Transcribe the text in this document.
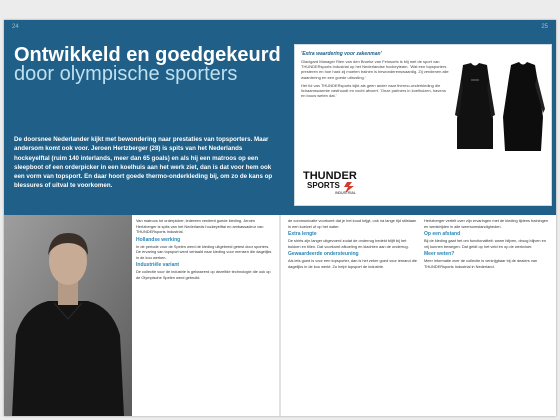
24	25
Ontwikkeld en goedgekeurd door olympische sporters

De doorsnee Nederlander kijkt met bewondering naar prestaties van topsporters. Maar andersom komt ook voor. Jeroen Hertzberger (28) is spits van het Nederlands hockeyelftal (ruim 140 interlands, meer dan 65 goals) en als hij een matroos op een sleepboot of een orderpicker in een koelhuis aan het werk ziet, dan is dat voor hem ook een vorm van topsport. En daar hoort goede thermo-onderkleding bij, om zo de kans op blessures of uitval te voorkomen.

'Extra waardering voor zakenman'

Glacigard Manager Rien van den Broeke van Feinsorts is blij met de sport van THUNDERsports Industrial op het Nederlandse hockeyteam. 'Wat een topsporters presteren en hoe hard zij moeten trainen is bewonderenswaardig. Zij verdienen alle waardering en een goede uitrusting.'

Het lid van THUNDERsports kijkt als geen ander naar thermo-onderkleding die lichaamswarmte vasthoudt en vocht afvoert. 'Onze partners in koelhuizen, havens en bouw weten dat.'

THUNDER
SPORTS
INDUSTRIAL

Van matroos tot orderpicker, iedereen verdient goede kleding. Jeroen Hertzberger is spits van het Nederlands hockeyelftal en ambassadeur van THUNDERsports Industrial.

Hollandse werking

In de periode voor de Spelen werd de kleding uitgebreid getest door sporters. De ervaring van topsport werd vertaald naar kleding voor mensen die dagelijks in de kou werken.

Industriële variant

De collectie voor de industrie is gebaseerd op dezelfde technologie die ook op de Olympische Spelen werd gebruikt.

de communicatie voorkomt dat je het koud krijgt, ook na lange tijd stilstaan in een koelcel of op het water.

Extra lengte

De shirts zijn langer uitgevoerd zodat de onderrug bedekt blijft bij het bukken en tillen. Dat voorkomt afkoeling en klachten aan de onderrug.

Gewaardeerde ondersteuning

Als iets goed is voor een topsporter, dan is het zeker goed voor iemand die dagelijks in de kou werkt. Zo helpt topsport de industrie.

Hertzberger vertelt over zijn ervaringen met de kleding tijdens trainingen en wedstrijden in alle weersomstandigheden.

Op een afstand

Bij de kleding gaat het om functionaliteit: warm blijven, droog blijven en vrij kunnen bewegen. Dat geldt op het veld én op de werkvloer.

Meer weten?

Meer informatie over de collectie is verkrijgbaar bij de dealers van THUNDERsports Industrial in Nederland.
